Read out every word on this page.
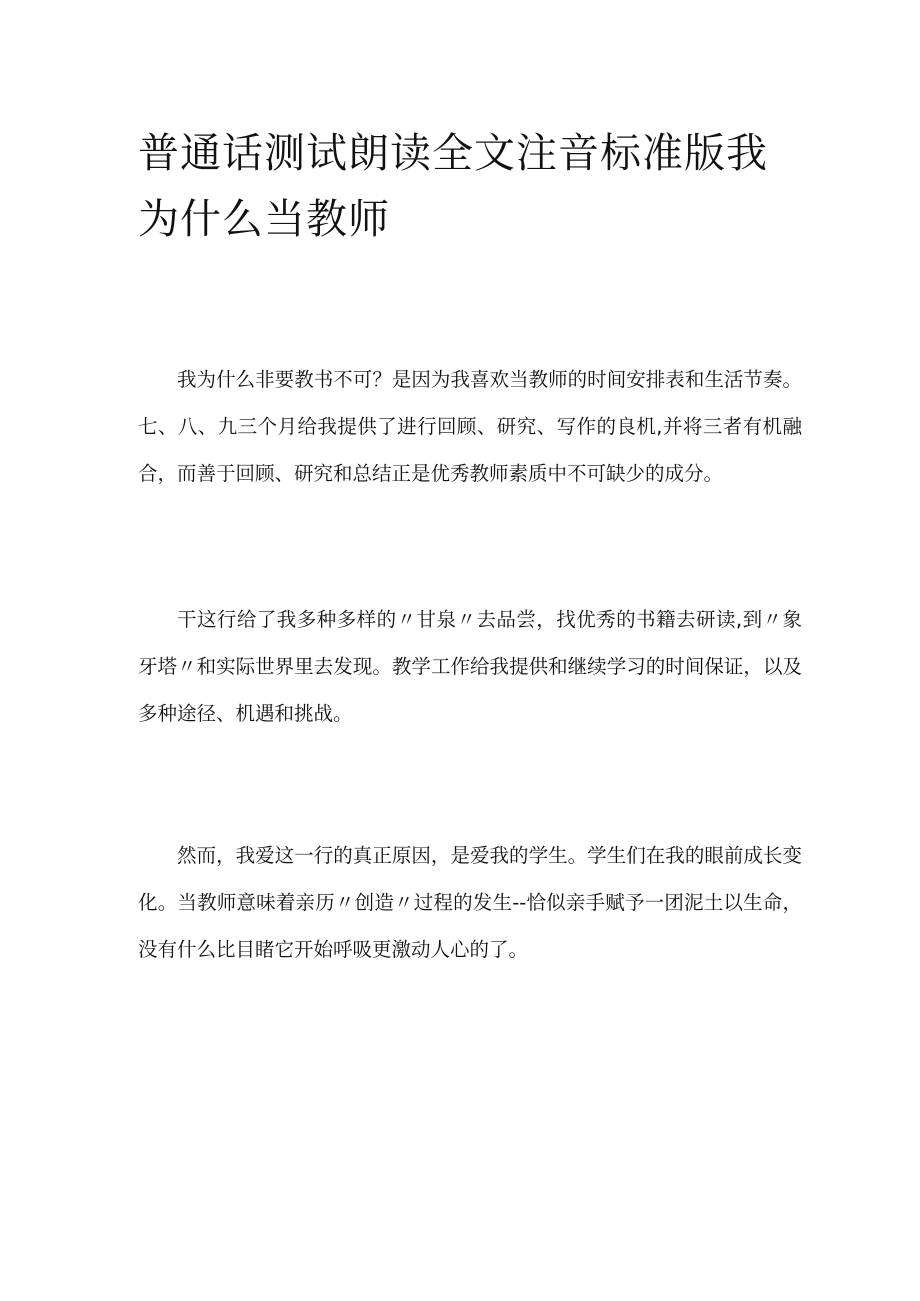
普通话测试朗读全文注音标准版我为什么当教师

我为什么非要教书不可？是因为我喜欢当教师的时间安排表和生活节奏。七、八、九三个月给我提供了进行回顾、研究、写作的良机,并将三者有机融合，而善于回顾、研究和总结正是优秀教师素质中不可缺少的成分。

干这行给了我多种多样的〃甘泉〃去品尝，找优秀的书籍去研读,到〃象牙塔〃和实际世界里去发现。教学工作给我提供和继续学习的时间保证，以及多种途径、机遇和挑战。

然而，我爱这一行的真正原因，是爱我的学生。学生们在我的眼前成长变化。当教师意味着亲历〃创造〃过程的发生--恰似亲手赋予一团泥土以生命，没有什么比目睹它开始呼吸更激动人心的了。
